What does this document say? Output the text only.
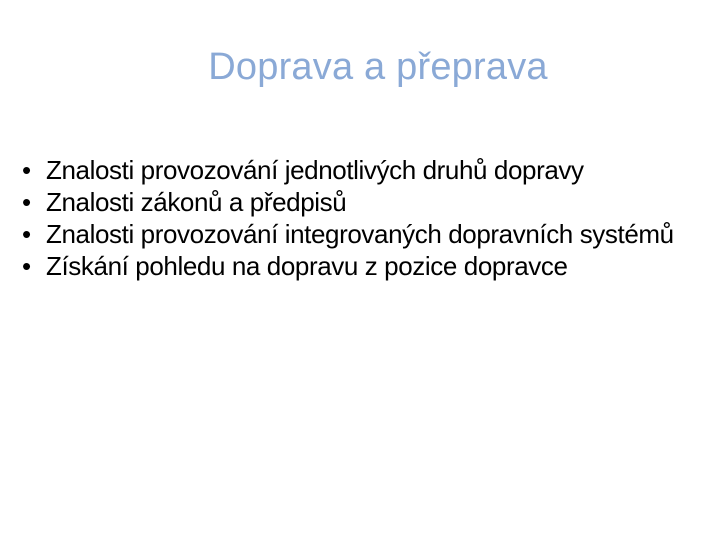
Doprava a přeprava
• Znalosti provozování jednotlivých druhů dopravy
• Znalosti zákonů a předpisů
• Znalosti provozování integrovaných dopravních systémů
• Získání pohledu na dopravu z pozice dopravce
